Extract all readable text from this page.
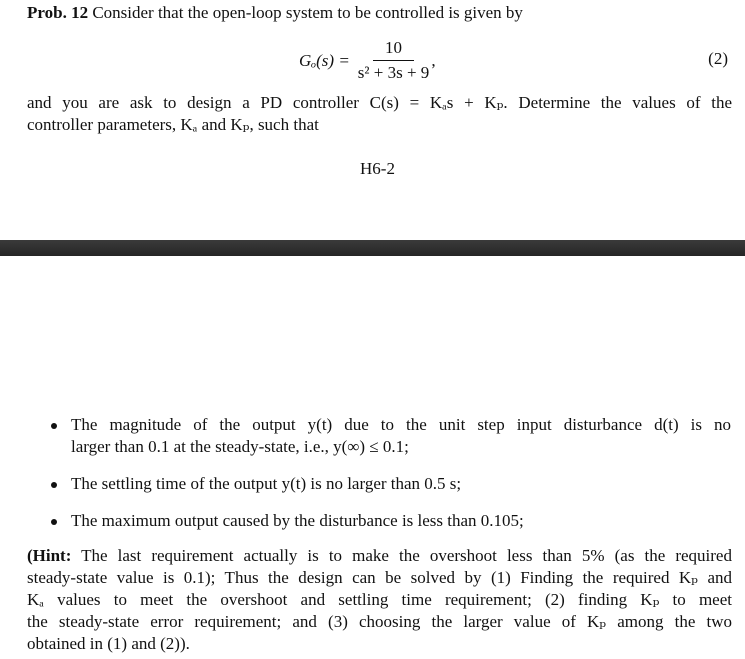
Prob. 12 Consider that the open-loop system to be controlled is given by
$G_o(s) = \frac{10}{\text{s² + 3s + 9}}$ ,	(2)
and you are ask to design a PD controller C(s) = Kₐs + Kₚ. Determine the values of the
controller parameters, Kₐ and Kₚ, such that
H6-2
The magnitude of the output y(t) due to the unit step input disturbance d(t) is no
larger than 0.1 at the steady-state, i.e., y(∞) ≤ 0.1;
The settling time of the output y(t) is no larger than 0.5 s;
The maximum output caused by the disturbance is less than 0.105;
(Hint: The last requirement actually is to make the overshoot less than 5% (as the required
steady-state value is 0.1); Thus the design can be solved by (1) Finding the required Kₚ and
Kₐ values to meet the overshoot and settling time requirement; (2) finding Kₚ to meet
the steady-state error requirement; and (3) choosing the larger value of Kₚ among the two
obtained in (1) and (2)).
